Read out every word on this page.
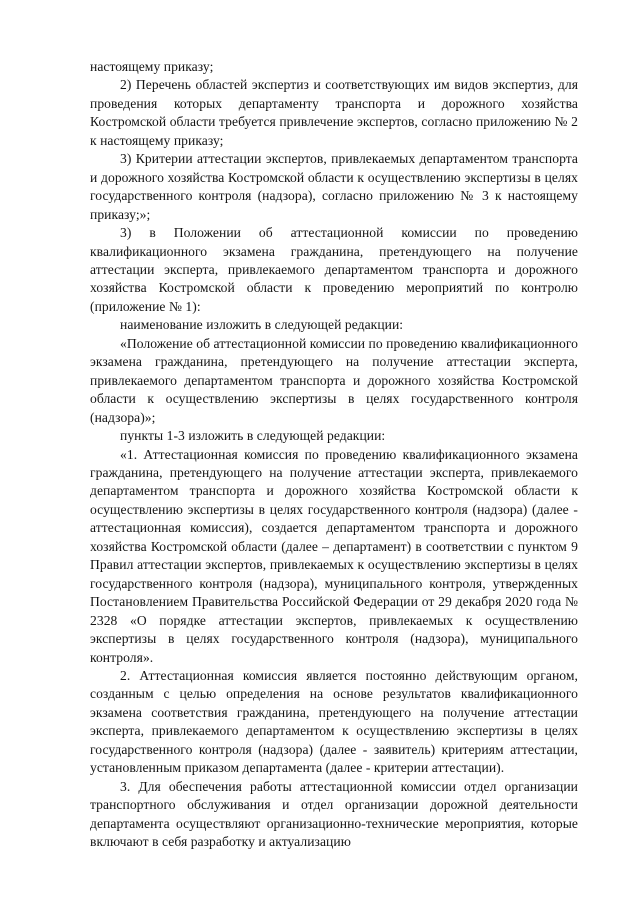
настоящему приказу;

2) Перечень областей экспертиз и соответствующих им видов экспертиз, для проведения которых департаменту транспорта и дорожного хозяйства Костромской области требуется привлечение экспертов, согласно приложению № 2 к настоящему приказу;

3) Критерии аттестации экспертов, привлекаемых департаментом транспорта и дорожного хозяйства Костромской области к осуществлению экспертизы в целях государственного контроля (надзора), согласно приложению № 3 к настоящему приказу;»;

3) в Положении об аттестационной комиссии по проведению квалификационного экзамена гражданина, претендующего на получение аттестации эксперта, привлекаемого департаментом транспорта и дорожного хозяйства Костромской области к проведению мероприятий по контролю (приложение № 1):

наименование изложить в следующей редакции:

«Положение об аттестационной комиссии по проведению квалификационного экзамена гражданина, претендующего на получение аттестации эксперта, привлекаемого департаментом транспорта и дорожного хозяйства Костромской области к осуществлению экспертизы в целях государственного контроля (надзора)»;

пункты 1-3 изложить в следующей редакции:

«1. Аттестационная комиссия по проведению квалификационного экзамена гражданина, претендующего на получение аттестации эксперта, привлекаемого департаментом транспорта и дорожного хозяйства Костромской области к осуществлению экспертизы в целях государственного контроля (надзора) (далее - аттестационная комиссия), создается департаментом транспорта и дорожного хозяйства Костромской области (далее – департамент) в соответствии с пунктом 9 Правил аттестации экспертов, привлекаемых к осуществлению экспертизы в целях государственного контроля (надзора), муниципального контроля, утвержденных Постановлением Правительства Российской Федерации от 29 декабря 2020 года № 2328 «О порядке аттестации экспертов, привлекаемых к осуществлению экспертизы в целях государственного контроля (надзора), муниципального контроля».

2. Аттестационная комиссия является постоянно действующим органом, созданным с целью определения на основе результатов квалификационного экзамена соответствия гражданина, претендующего на получение аттестации эксперта, привлекаемого департаментом к осуществлению экспертизы в целях государственного контроля (надзора) (далее - заявитель) критериям аттестации, установленным приказом департамента (далее - критерии аттестации).

3. Для обеспечения работы аттестационной комиссии отдел организации транспортного обслуживания и отдел организации дорожной деятельности департамента осуществляют организационно-технические мероприятия, которые включают в себя разработку и актуализацию
